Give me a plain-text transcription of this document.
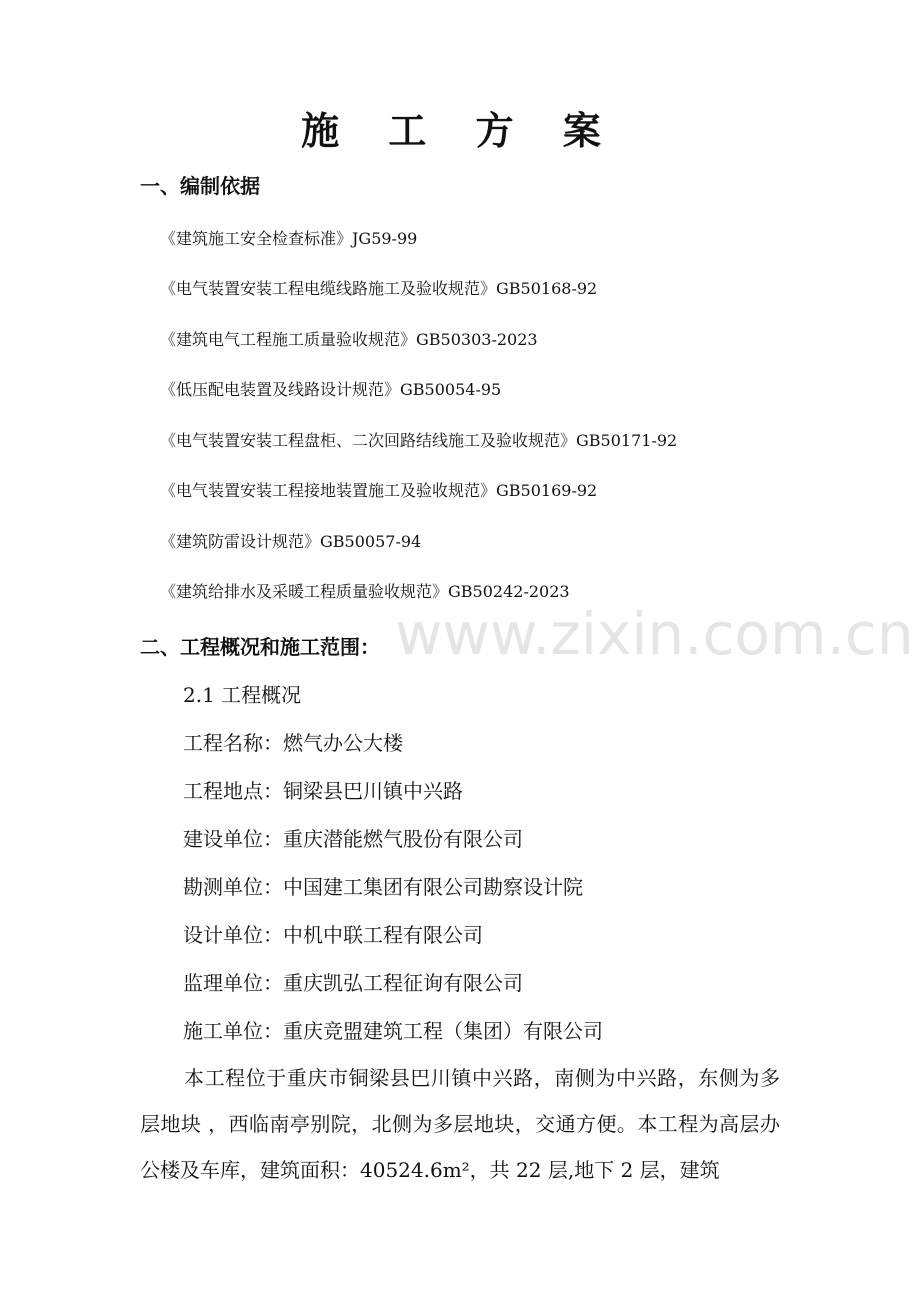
施 工 方 案
一、编制依据
《建筑施工安全检查标准》JG59-99
《电气装置安装工程电缆线路施工及验收规范》GB50168-92
《建筑电气工程施工质量验收规范》GB50303-2023
《低压配电装置及线路设计规范》GB50054-95
《电气装置安装工程盘柜、二次回路结线施工及验收规范》GB50171-92
《电气装置安装工程接地装置施工及验收规范》GB50169-92
《建筑防雷设计规范》GB50057-94
《建筑给排水及采暖工程质量验收规范》GB50242-2023
二、工程概况和施工范围：
2.1 工程概况
工程名称：燃气办公大楼
工程地点：铜梁县巴川镇中兴路
建设单位：重庆潜能燃气股份有限公司
勘测单位：中国建工集团有限公司勘察设计院
设计单位：中机中联工程有限公司
监理单位：重庆凯弘工程征询有限公司
施工单位：重庆竞盟建筑工程（集团）有限公司
本工程位于重庆市铜梁县巴川镇中兴路，南侧为中兴路，东侧为多层地块 ，西临南亭别院，北侧为多层地块，交通方便。本工程为高层办公楼及车库，建筑面积：40524.6m²，共 22 层,地下 2 层，建筑
www.zixin.com.cn
